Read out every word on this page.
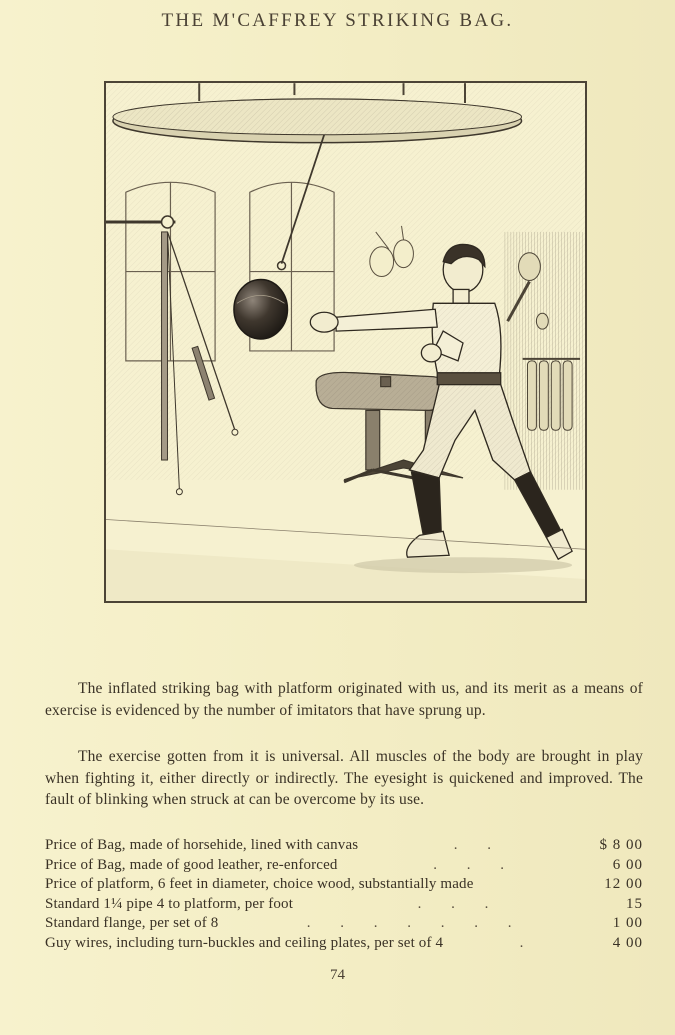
THE M'CAFFREY STRIKING BAG.

The inflated striking bag with platform originated with us, and its merit as a means of exercise is evidenced by the number of imitators that have sprung up.

The exercise gotten from it is universal. All muscles of the body are brought in play when fighting it, either directly or indirectly. The eyesight is quickened and improved. The fault of blinking when struck at can be overcome by its use.

Price of Bag, made of horsehide, lined with canvas	. .	$ 8 00
Price of Bag, made of good leather, re-enforced	. . .	6 00
Price of platform, 6 feet in diameter, choice wood, substantially made	12 00
Standard 1¼ pipe 4 to platform, per foot	. . .	15
Standard flange, per set of 8	. . . . . . .	1 00
Guy wires, including turn-buckles and ceiling plates, per set of 4	.	4 00
74
